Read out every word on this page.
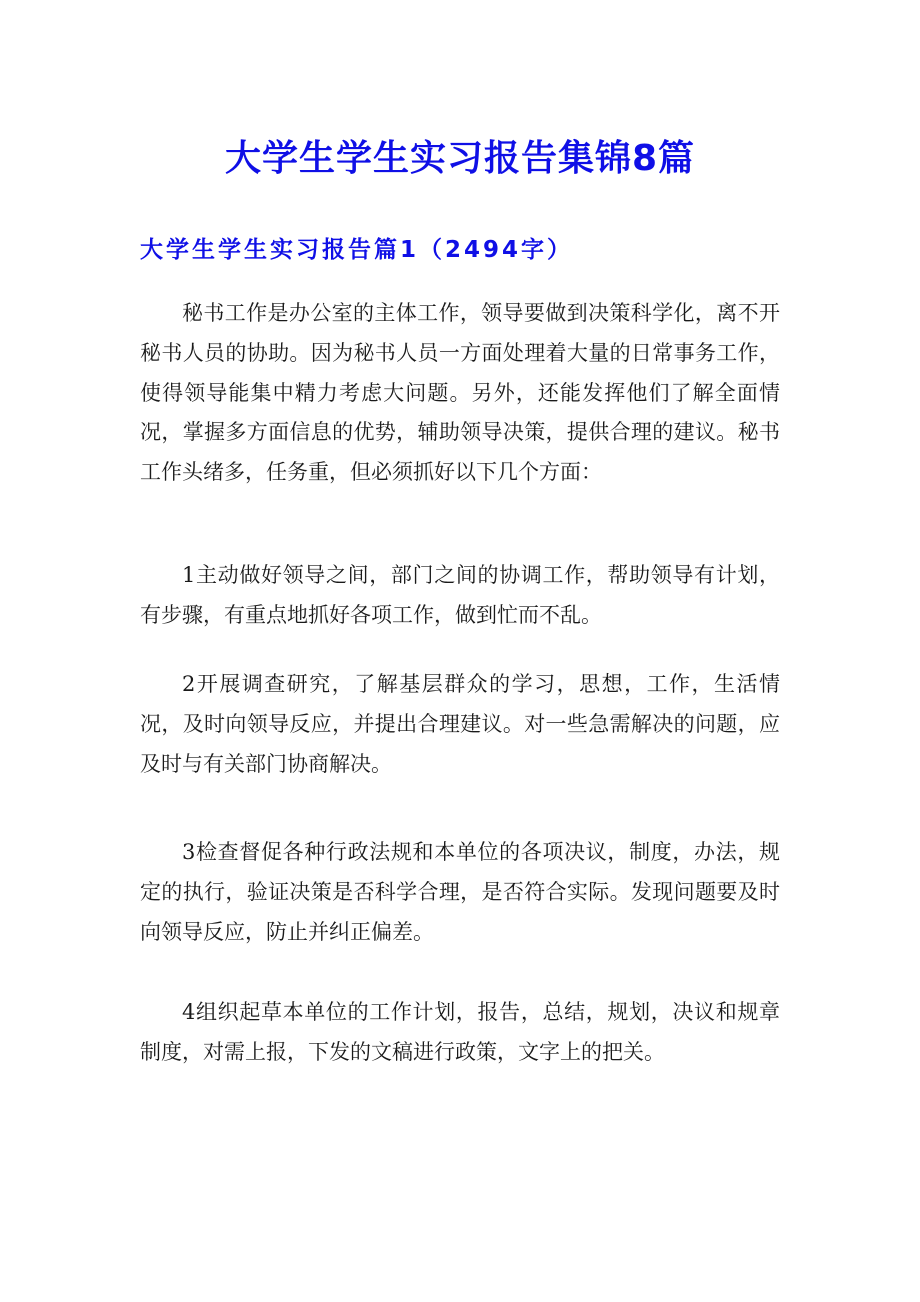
大学生学生实习报告集锦8篇
大学生学生实习报告篇1（2494字）

秘书工作是办公室的主体工作，领导要做到决策科学化，离不开秘书人员的协助。因为秘书人员一方面处理着大量的日常事务工作，使得领导能集中精力考虑大问题。另外，还能发挥他们了解全面情况，掌握多方面信息的优势，辅助领导决策，提供合理的建议。秘书工作头绪多，任务重，但必须抓好以下几个方面：

1主动做好领导之间，部门之间的协调工作，帮助领导有计划，有步骤，有重点地抓好各项工作，做到忙而不乱。

2开展调查研究，了解基层群众的学习，思想，工作，生活情况，及时向领导反应，并提出合理建议。对一些急需解决的问题，应及时与有关部门协商解决。

3检查督促各种行政法规和本单位的各项决议，制度，办法，规定的执行，验证决策是否科学合理，是否符合实际。发现问题要及时向领导反应，防止并纠正偏差。

4组织起草本单位的工作计划，报告，总结，规划，决议和规章制度，对需上报，下发的文稿进行政策，文字上的把关。
